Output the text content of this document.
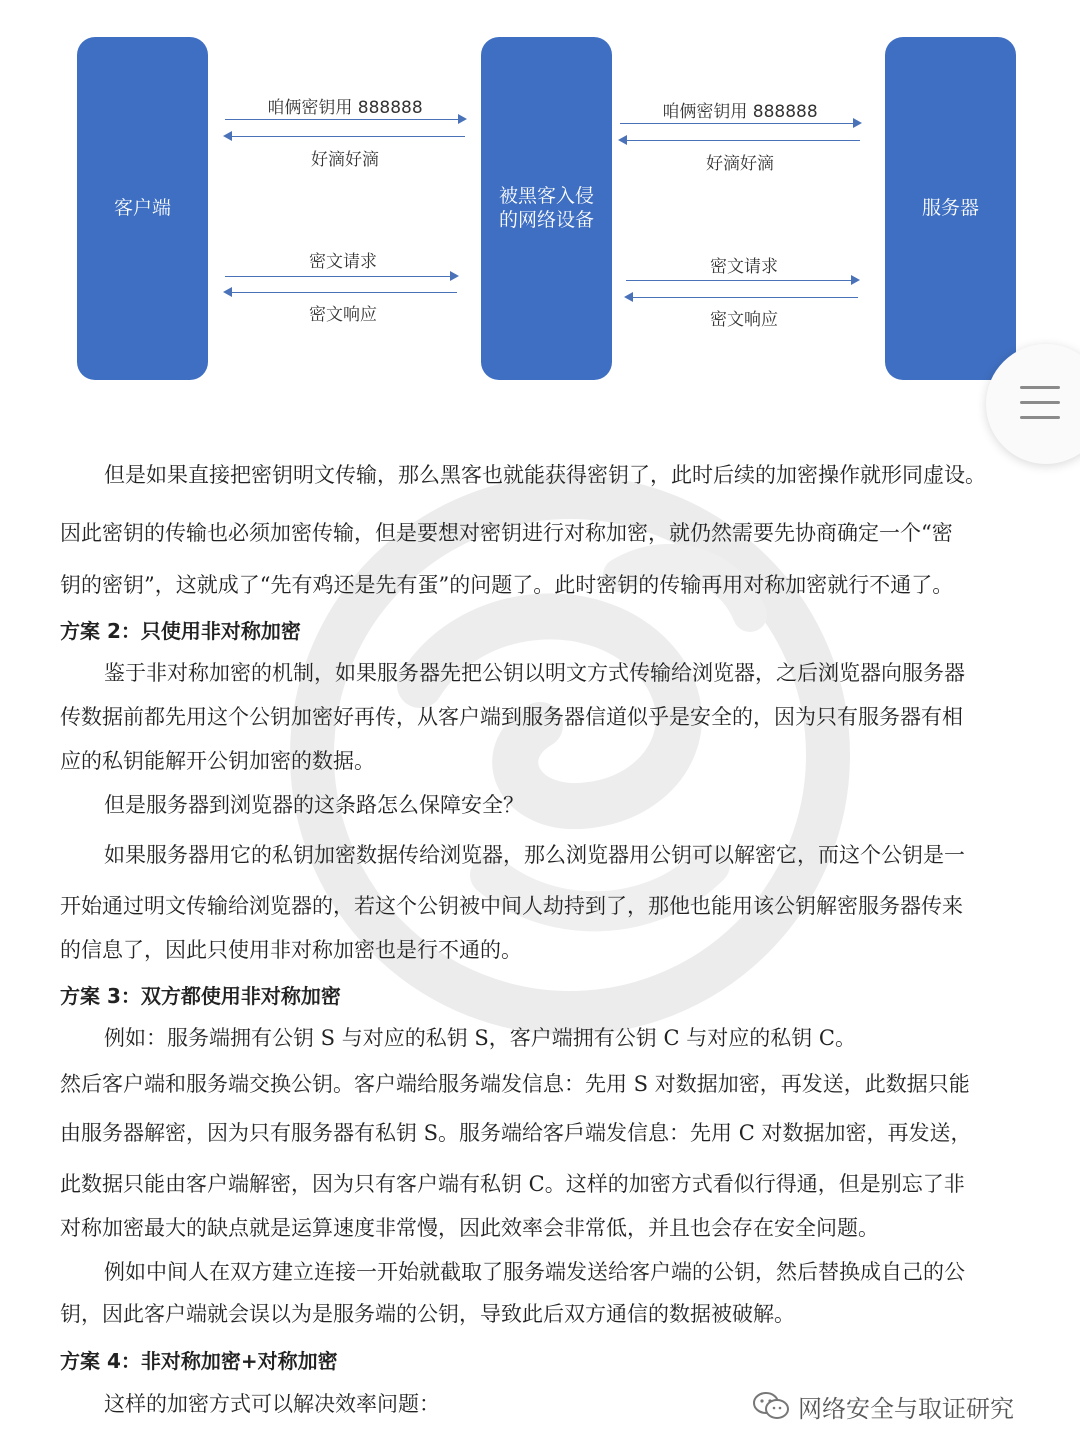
客户端
被黑客入侵
的网络设备
服务器
咱俩密钥用 888888
好滴好滴
密文请求
密文响应
咱俩密钥用 888888
好滴好滴
密文请求
密文响应
但是如果直接把密钥明文传输，那么黑客也就能获得密钥了，此时后续的加密操作就形同虚设。
因此密钥的传输也必须加密传输，但是要想对密钥进行对称加密，就仍然需要先协商确定一个“密
钥的密钥”，这就成了“先有鸡还是先有蛋”的问题了。此时密钥的传输再用对称加密就行不通了。
方案 2：只使用非对称加密
鉴于非对称加密的机制，如果服务器先把公钥以明文方式传输给浏览器，之后浏览器向服务器
传数据前都先用这个公钥加密好再传，从客户端到服务器信道似乎是安全的，因为只有服务器有相
应的私钥能解开公钥加密的数据。
但是服务器到浏览器的这条路怎么保障安全？
如果服务器用它的私钥加密数据传给浏览器，那么浏览器用公钥可以解密它，而这个公钥是一
开始通过明文传输给浏览器的，若这个公钥被中间人劫持到了，那他也能用该公钥解密服务器传来
的信息了，因此只使用非对称加密也是行不通的。
方案 3：双方都使用非对称加密
例如：服务端拥有公钥 S 与对应的私钥 S，客户端拥有公钥 C 与对应的私钥 C。
然后客户端和服务端交换公钥。客户端给服务端发信息：先用 S 对数据加密，再发送，此数据只能
由服务器解密，因为只有服务器有私钥 S。服务端给客戶端发信息：先用 C 对数据加密，再发送，
此数据只能由客户端解密，因为只有客户端有私钥 C。这样的加密方式看似行得通，但是别忘了非
对称加密最大的缺点就是运算速度非常慢，因此效率会非常低，并且也会存在安全问题。
例如中间人在双方建立连接一开始就截取了服务端发送给客户端的公钥，然后替换成自己的公
钥，因此客户端就会误以为是服务端的公钥，导致此后双方通信的数据被破解。
方案 4：非对称加密+对称加密
这样的加密方式可以解决效率问题：	网络安全与取证研究
